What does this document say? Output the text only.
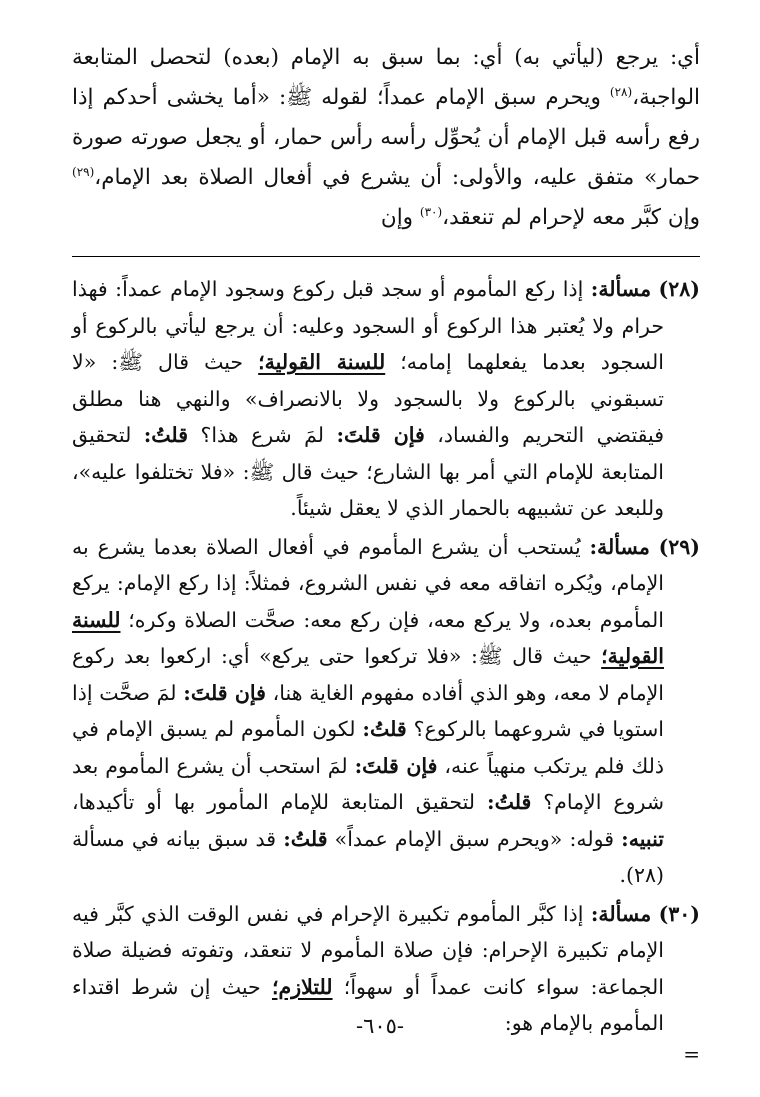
أي: يرجع (ليأتي به) أي: بما سبق به الإمام (بعده) لتحصل المتابعة الواجبة،$^{(٢٨)}$ ويحرم سبق الإمام عمداً؛ لقوله ﷺ: «أما يخشى أحدكم إذا رفع رأسه قبل الإمام أن يُحوِّل رأسه رأس حمار، أو يجعل صورته صورة حمار» متفق عليه، والأولى: أن يشرع في أفعال الصلاة بعد الإمام،$^{(٢٩)}$ وإن كبَّر معه لإحرام لم تنعقد،$^{(٣٠)}$ وإن

(٢٨) مسألة: إذا ركع المأموم أو سجد قبل ركوع وسجود الإمام عمداً: فهذا حرام ولا يُعتبر هذا الركوع أو السجود وعليه: أن يرجع ليأتي بالركوع أو السجود بعدما يفعلهما إمامه؛ للسنة القولية؛ حيث قال ﷺ: «لا تسبقوني بالركوع ولا بالسجود ولا بالانصراف» والنهي هنا مطلق فيقتضي التحريم والفساد، فإن قلتَ: لمَ شرع هذا؟ قلتُ: لتحقيق المتابعة للإمام التي أمر بها الشارع؛ حيث قال ﷺ: «فلا تختلفوا عليه»، وللبعد عن تشبيهه بالحمار الذي لا يعقل شيئاً.

(٢٩) مسألة: يُستحب أن يشرع المأموم في أفعال الصلاة بعدما يشرع به الإمام، ويُكره اتفاقه معه في نفس الشروع، فمثلاً: إذا ركع الإمام: يركع المأموم بعده، ولا يركع معه، فإن ركع معه: صحَّت الصلاة وكره؛ للسنة القولية؛ حيث قال ﷺ: «فلا تركعوا حتى يركع» أي: اركعوا بعد ركوع الإمام لا معه، وهو الذي أفاده مفهوم الغاية هنا، فإن قلتَ: لمَ صحَّت إذا استويا في شروعهما بالركوع؟ قلتُ: لكون المأموم لم يسبق الإمام في ذلك فلم يرتكب منهياً عنه، فإن قلتَ: لمَ استحب أن يشرع المأموم بعد شروع الإمام؟ قلتُ: لتحقيق المتابعة للإمام المأمور بها أو تأكيدها، تنبيه: قوله: «ويحرم سبق الإمام عمداً» قلتُ: قد سبق بيانه في مسألة (٢٨).

(٣٠) مسألة: إذا كبَّر المأموم تكبيرة الإحرام في نفس الوقت الذي كبَّر فيه الإمام تكبيرة الإحرام: فإن صلاة المأموم لا تنعقد، وتفوته فضيلة صلاة الجماعة: سواء كانت عمداً أو سهواً؛ للتلازم؛ حيث إن شرط اقتداء المأموم بالإمام هو:

=

-٦٠٥-
